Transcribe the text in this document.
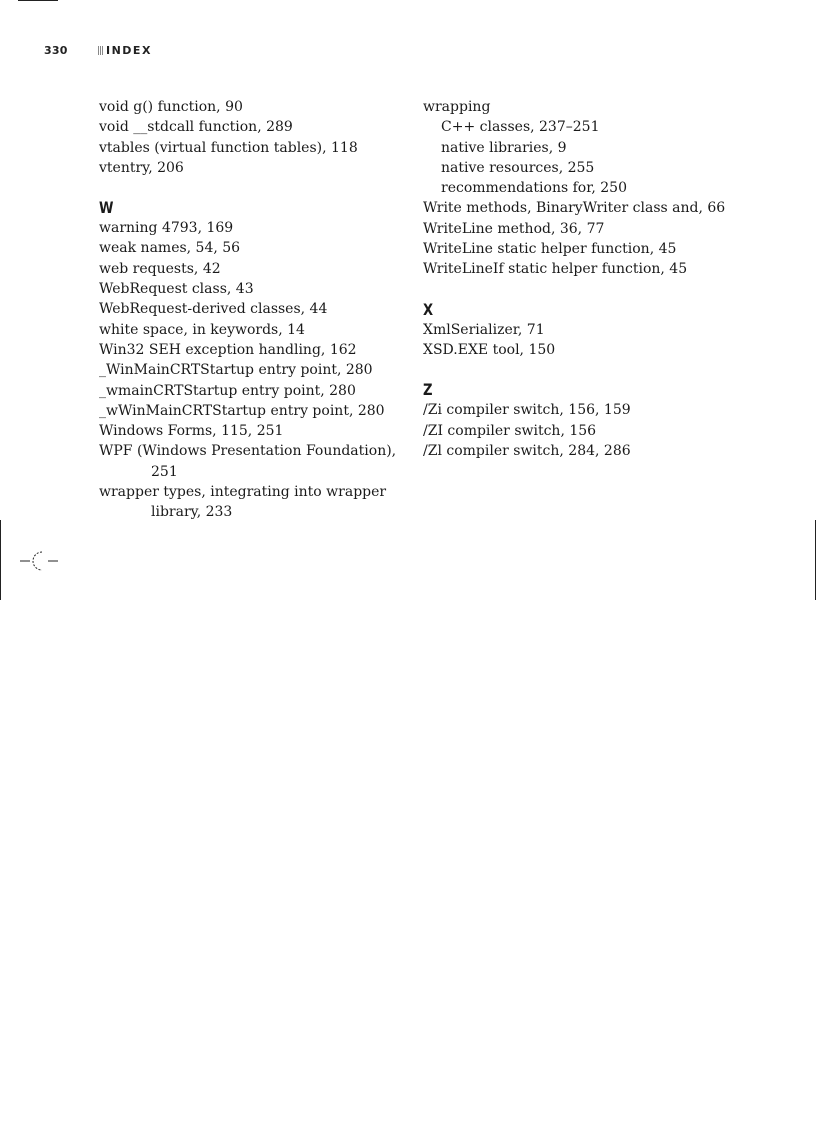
330	INDEX
void g() function, 90
void __stdcall function, 289
vtables (virtual function tables), 118
vtentry, 206
W
warning 4793, 169
weak names, 54, 56
web requests, 42
WebRequest class, 43
WebRequest-derived classes, 44
white space, in keywords, 14
Win32 SEH exception handling, 162
_WinMainCRTStartup entry point, 280
_wmainCRTStartup entry point, 280
_wWinMainCRTStartup entry point, 280
Windows Forms, 115, 251
WPF (Windows Presentation Foundation),
251
wrapper types, integrating into wrapper
library, 233
wrapping
C++ classes, 237–251
native libraries, 9
native resources, 255
recommendations for, 250
Write methods, BinaryWriter class and, 66
WriteLine method, 36, 77
WriteLine static helper function, 45
WriteLineIf static helper function, 45
X
XmlSerializer, 71
XSD.EXE tool, 150
Z
/Zi compiler switch, 156, 159
/ZI compiler switch, 156
/Zl compiler switch, 284, 286
